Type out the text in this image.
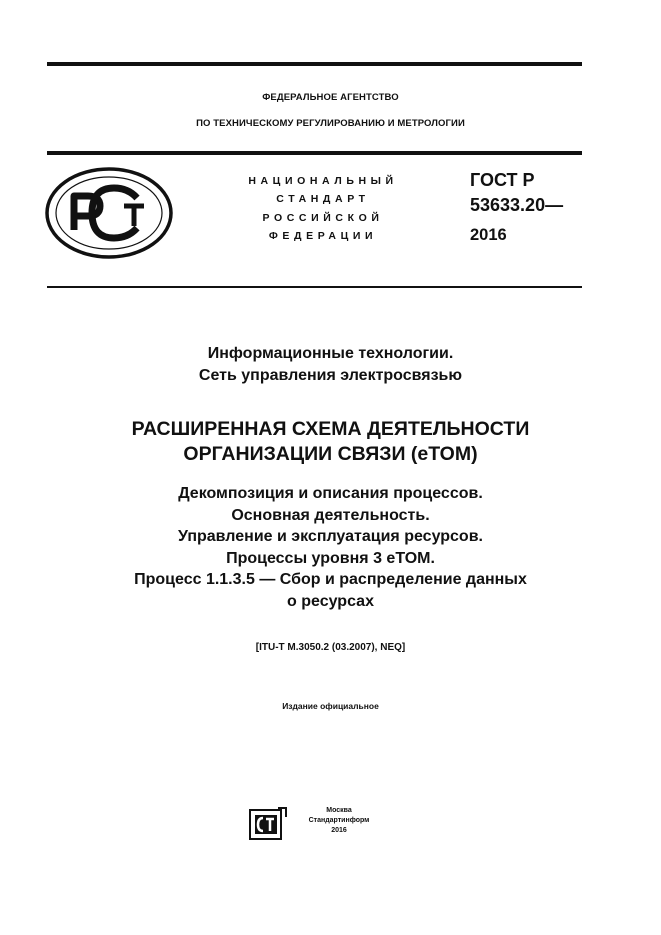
ФЕДЕРАЛЬНОЕ АГЕНТСТВО
ПО ТЕХНИЧЕСКОМУ РЕГУЛИРОВАНИЮ И МЕТРОЛОГИИ
НАЦИОНАЛЬНЫЙ
СТАНДАРТ
РОССИЙСКОЙ
ФЕДЕРАЦИИ
ГОСТ Р
53633.20—
2016
Информационные технологии.
Сеть управления электросвязью
РАСШИРЕННАЯ СХЕМА ДЕЯТЕЛЬНОСТИ
ОРГАНИЗАЦИИ СВЯЗИ (еТОМ)
Декомпозиция и описания процессов.
Основная деятельность.
Управление и эксплуатация ресурсов.
Процессы уровня 3 еТОМ.
Процесс 1.1.3.5 — Сбор и распределение данных
о ресурсах
[ITU-T M.3050.2 (03.2007), NEQ]
Издание официальное
Москва
Стандартинформ
2016
